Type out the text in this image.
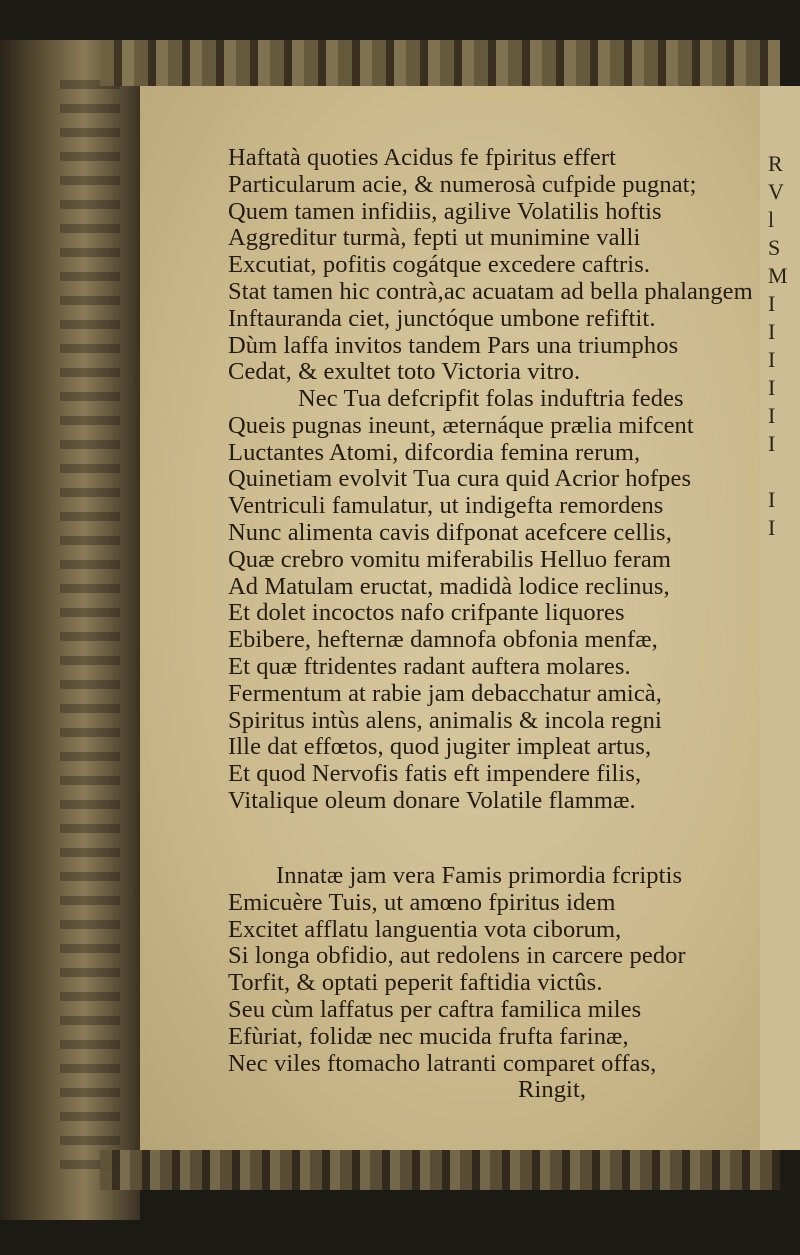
R
V
l
S
M
I
I
I
I
I
I

I
I
Haftatà quoties Acidus fe fpiritus effert
Particularum acie, & numerosà cufpide pugnat;
Quem tamen infidiis, agilive Volatilis hoftis
Aggreditur turmà, fepti ut munimine valli
Excutiat, pofitis cogátque excedere caftris.
Stat tamen hic contrà,ac acuatam ad bella phalangem
Inftauranda ciet, junctóque umbone refiftit.
Dùm laffa invitos tandem Pars una triumphos
Cedat, & exultet toto Victoria vitro.
Nec Tua defcripfit folas induftria fedes
Queis pugnas ineunt, æternáque prælia mifcent
Luctantes Atomi, difcordia femina rerum,
Quinetiam evolvit Tua cura quid Acrior hofpes
Ventriculi famulatur, ut indigefta remordens
Nunc alimenta cavis difponat acefcere cellis,
Quæ crebro vomitu miferabilis Helluo feram
Ad Matulam eructat, madidà lodice reclinus,
Et dolet incoctos nafo crifpante liquores
Ebibere, hefternæ damnofa obfonia menfæ,
Et quæ ftridentes radant auftera molares.
Fermentum at rabie jam debacchatur amicà,
Spiritus intùs alens, animalis & incola regni
Ille dat effœtos, quod jugiter impleat artus,
Et quod Nervofis fatis eft impendere filis,
Vitalique oleum donare Volatile flammæ.
Innatæ jam vera Famis primordia fcriptis
Emicuère Tuis, ut amœno fpiritus idem
Excitet afflatu languentia vota ciborum,
Si longa obfidio, aut redolens in carcere pedor
Torfit, & optati peperit faftidia victûs.
Seu cùm laffatus per caftra familica miles
Efùriat, folidæ nec mucida frufta farinæ,
Nec viles ftomacho latranti comparet offas,
Ringit,
